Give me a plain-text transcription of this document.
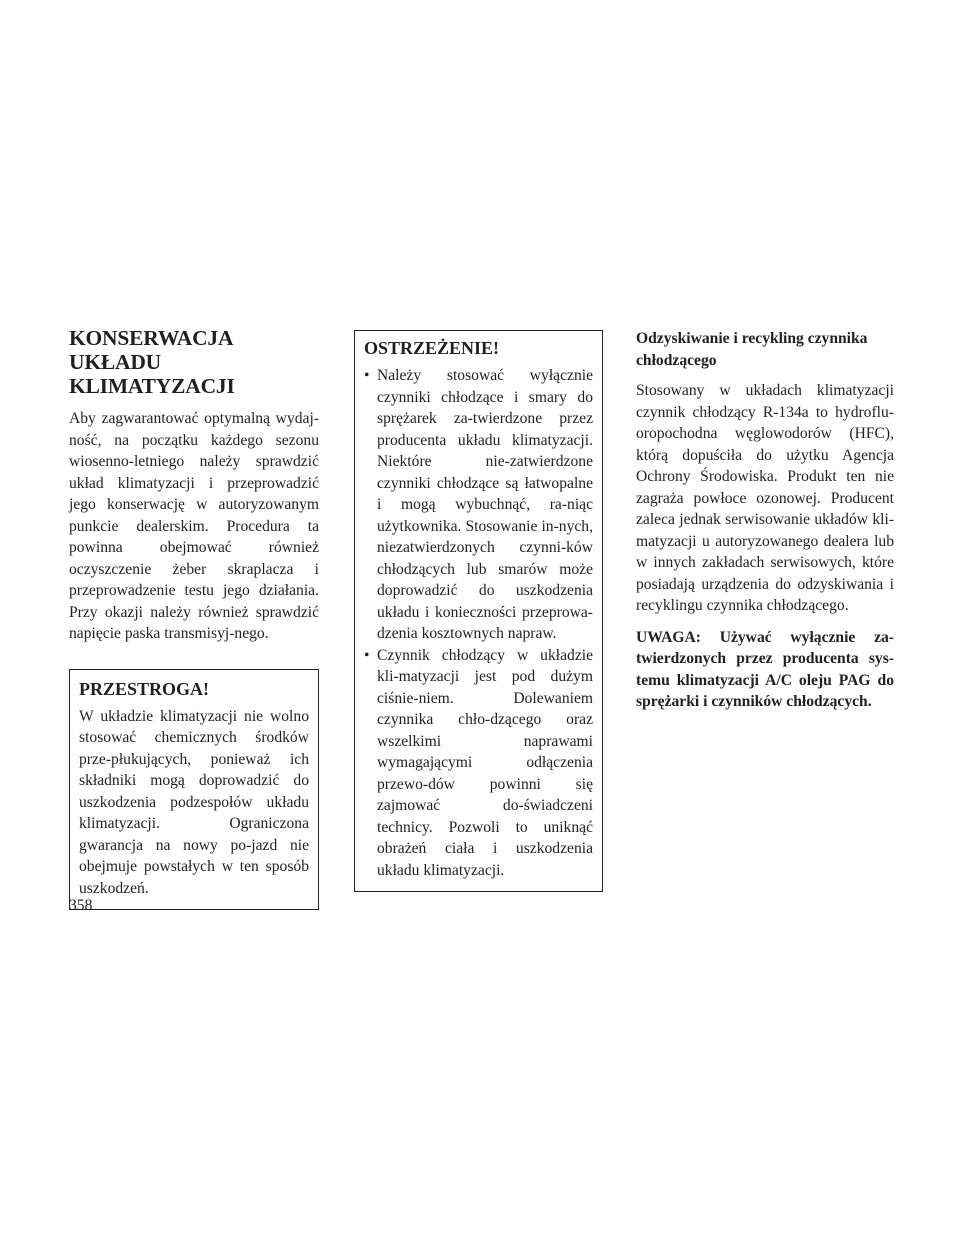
KONSERWACJA UKŁADU KLIMATYZACJI

Aby zagwarantować optymalną wydaj-ność, na początku każdego sezonu wiosenno-letniego należy sprawdzić układ klimatyzacji i przeprowadzić jego konserwację w autoryzowanym punkcie dealerskim. Procedura ta powinna obejmować również oczyszczenie żeber skraplacza i przeprowadzenie testu jego działania. Przy okazji należy również sprawdzić napięcie paska transmisyj-nego.

PRZESTROGA!

W układzie klimatyzacji nie wolno stosować chemicznych środków prze-płukujących, ponieważ ich składniki mogą doprowadzić do uszkodzenia podzespołów układu klimatyzacji. Ograniczona gwarancja na nowy po-jazd nie obejmuje powstałych w ten sposób uszkodzeń.

OSTRZEŻENIE!
• Należy stosować wyłącznie czynniki chłodzące i smary do sprężarek za-twierdzone przez producenta układu klimatyzacji. Niektóre nie-zatwierdzone czynniki chłodzące są łatwopalne i mogą wybuchnąć, ra-niąc użytkownika. Stosowanie in-nych, niezatwierdzonych czynni-ków chłodzących lub smarów może doprowadzić do uszkodzenia układu i konieczności przeprowa-dzenia kosztownych napraw.
• Czynnik chłodzący w układzie kli-matyzacji jest pod dużym ciśnie-niem. Dolewaniem czynnika chło-dzącego oraz wszelkimi naprawami wymagającymi odłączenia przewo-dów powinni się zajmować do-świadczeni technicy. Pozwoli to uniknąć obrażeń ciała i uszkodzenia układu klimatyzacji.
Odzyskiwanie i recykling czynnika chłodzącego

Stosowany w układach klimatyzacji czynnik chłodzący R-134a to hydroflu-oropochodna węglowodorów (HFC), którą dopuściła do użytku Agencja Ochrony Środowiska. Produkt ten nie zagraża powłoce ozonowej. Producent zaleca jednak serwisowanie układów kli-matyzacji u autoryzowanego dealera lub w innych zakładach serwisowych, które posiadają urządzenia do odzyskiwania i recyklingu czynnika chłodzącego.

UWAGA: Używać wyłącznie za-twierdzonych przez producenta sys-temu klimatyzacji A/C oleju PAG do sprężarki i czynników chłodzących.

358
